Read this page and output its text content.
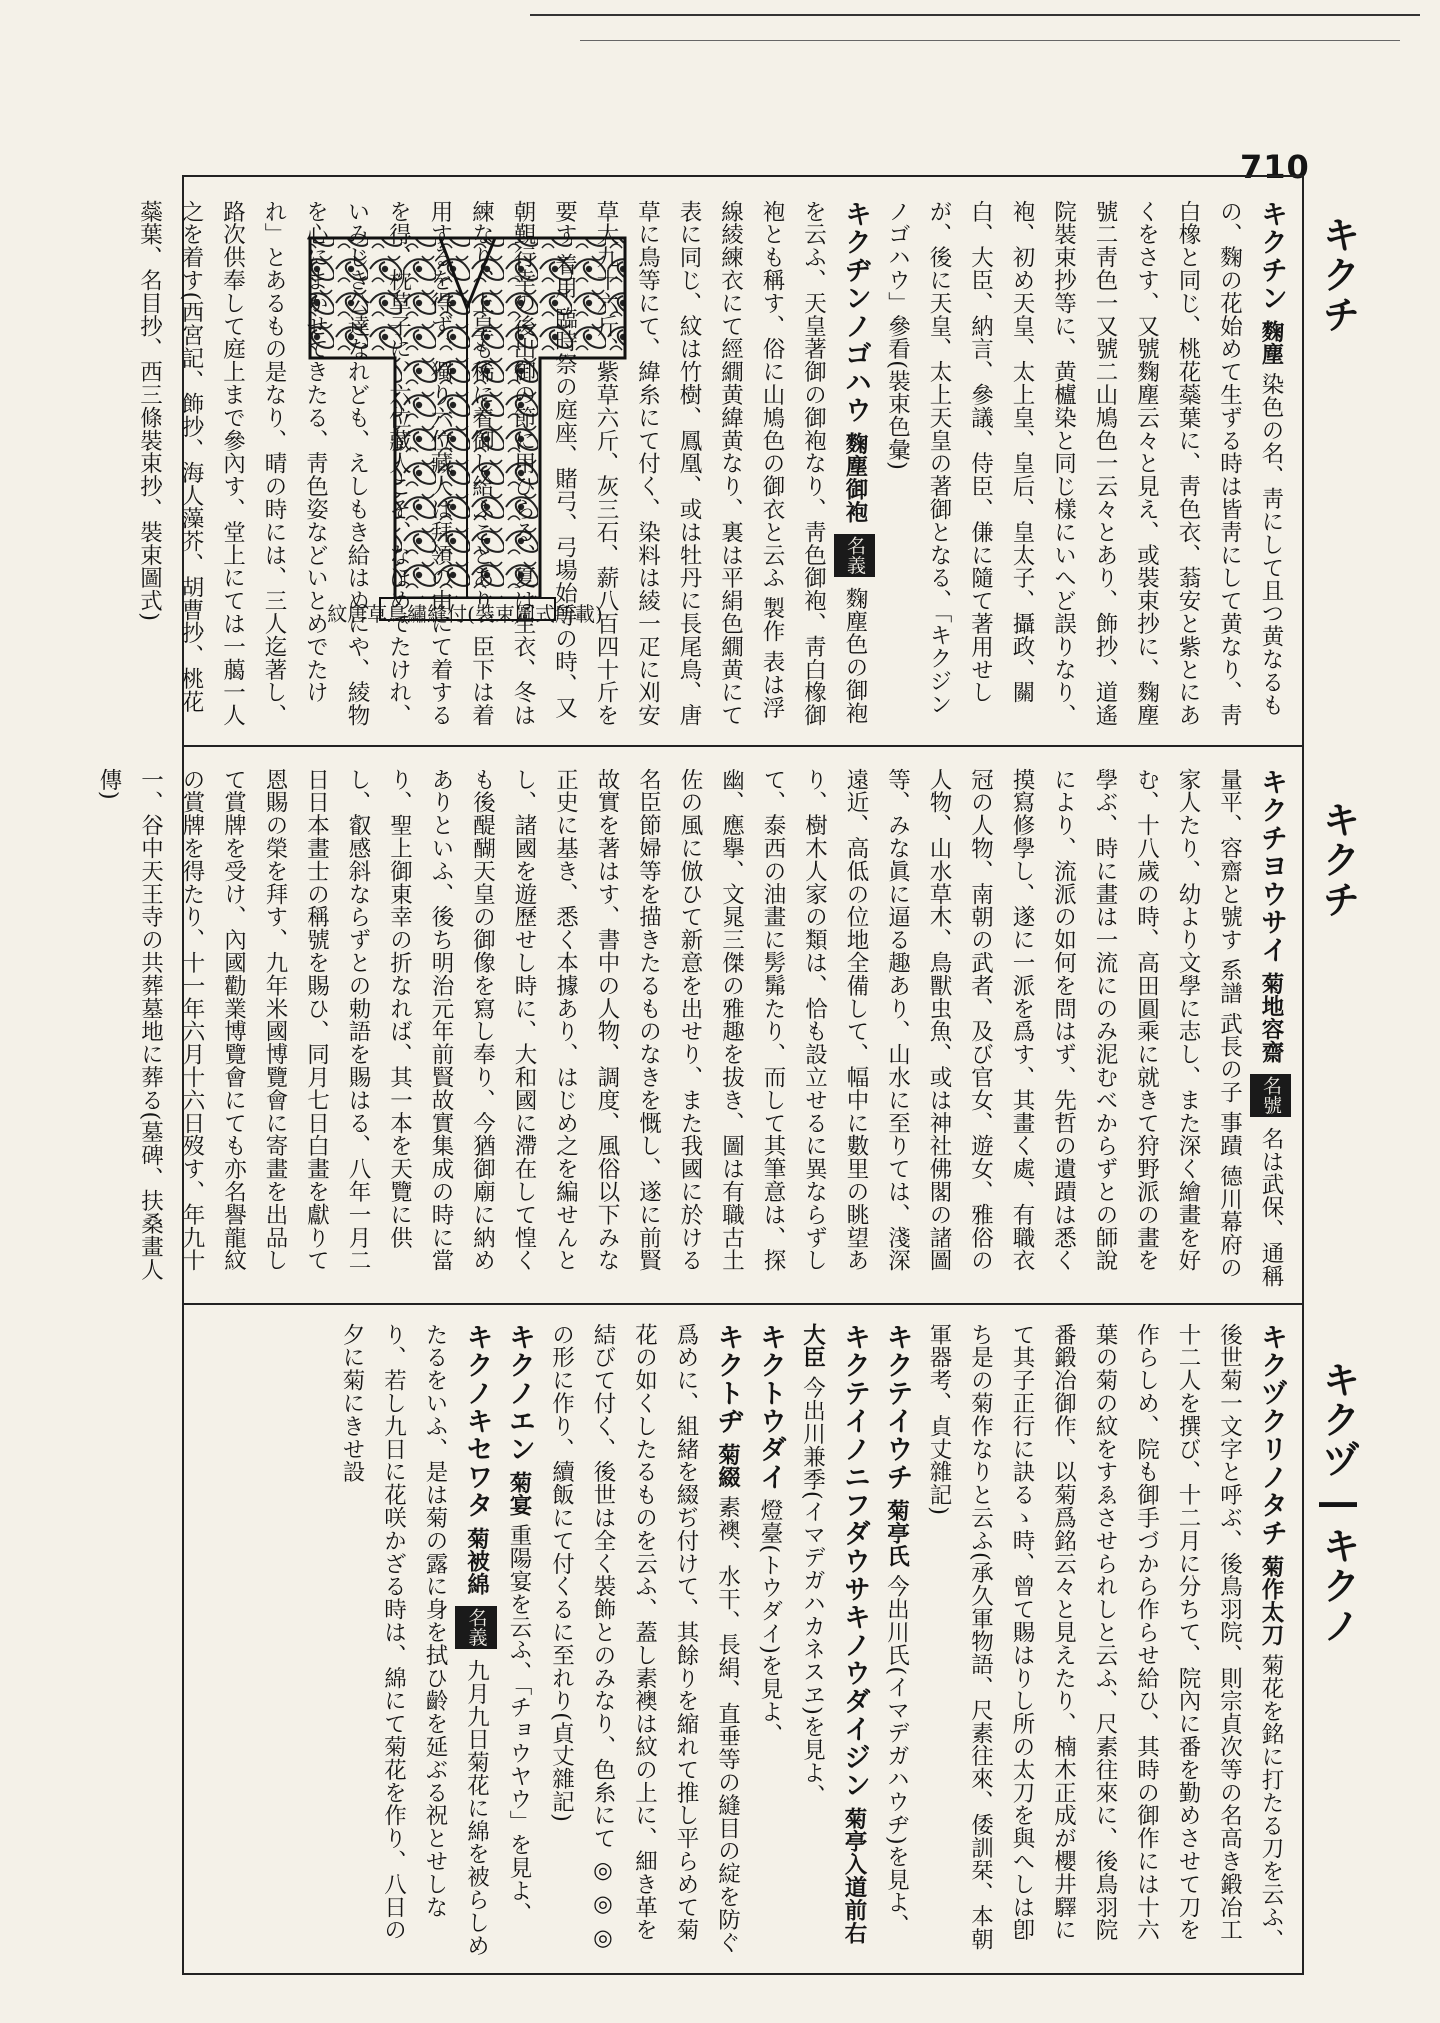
710
キクチ
キクチ
キクヅ―キクノ
紋唐草鳥繡縫付(裝束圖式所載)
キクチン 麴塵 染色の名、靑にして且つ黄なるもの、麴の花始めて生ずる時は皆靑にして黄なり、靑白橡と同じ、桃花蘂葉に、靑色衣、蓊安と紫とにあくをさす、又號麴塵云々と見え、或裝束抄に、麴塵號二靑色一又號二山鳩色一云々とあり、飾抄、道遙院裝束抄等に、黄櫨染と同じ樣にいへど誤りなり、袍、初め天皇、太上皇、皇后、皇太子、攝政、關白、大臣、納言、參議、侍臣、傔に隨て著用せしが、後に天皇、太上天皇の著御となる、「キクジンノゴハウ」參看(裝束色彙)
キクヂンノゴハウ 麴塵御袍 名義 麴塵色の御袍を云ふ、天皇著御の御袍なり、靑色御袍、靑白橡御袍とも稱す、俗に山鳩色の御衣と云ふ 製作 表は浮線綾練衣にて經繝黄緯黄なり、裏は平絹色繝黄にて表に同じ、紋は竹樹、鳳凰、或は牡丹に長尾鳥、唐草に鳥等にて、緯糸にて付く、染料は綾一疋に刈安草大九十六斤、紫草六斤、灰三石、薪八百四十斤を要す 着用 臨時祭の庭座、賭弓、弓場始等の時、又朝覲行幸の後出御の節に用ひらる、夏は生衣、冬は練なり、上皇も稀に着御し給ふことあり、臣下は着用するを得ず、獨り六位藏人は拜領の由にて着するを得、枕草子に、六位藏人こそ、なほめでたけれ、いみじき公達なれども、えしもき給はぬにや、綾物を心にまかせてきたる、靑色姿などいとめでたけれ」とあるもの是なり、晴の時には、三人迄著し、路次供奉して庭上まで參內す、堂上にては一﨟一人之を着す(西宮記、飾抄、海人藻芥、胡曹抄、桃花蘂葉、名目抄、西三條裝束抄、裝束圖式)
キクチヨウサイ 菊地容齋 名號 名は武保、通稱量平、容齋と號す 系譜 武長の子 事蹟 德川幕府の家人たり、幼より文學に志し、また深く繪畫を好む、十八歲の時、高田圓乘に就きて狩野派の畫を學ぶ、時に畫は一流にのみ泥むべからずとの師說により、流派の如何を問はず、先哲の遺蹟は悉く摸寫修學し、遂に一派を爲す、其畫く處、有職衣冠の人物、南朝の武者、及び官女、遊女、雅俗の人物、山水草木、鳥獸虫魚、或は神社佛閣の諸圖等、みな眞に逼る趣あり、山水に至りては、淺深遠近、高低の位地全備して、幅中に數里の眺望あり、樹木人家の類は、恰も設立せるに異ならずして、泰西の油畫に髣髴たり、而して其筆意は、探幽、應擧、文晁三傑の雅趣を拔き、圖は有職古土佐の風に倣ひて新意を出せり、また我國に於ける名臣節婦等を描きたるものなきを慨し、遂に前賢故實を著はす、書中の人物、調度、風俗以下みな正史に基き、悉く本據あり、はじめ之を編せんとし、諸國を遊歷せし時に、大和國に滯在して惶くも後醍醐天皇の御像を寫し奉り、今猶御廟に納めありといふ、後ち明治元年前賢故實集成の時に當り、聖上御東幸の折なれば、其一本を天覽に供し、叡感斜ならずとの勅語を賜はる、八年一月二日日本畫士の稱號を賜ひ、同月七日白畫を獻りて恩賜の榮を拜す、九年米國博覽會に寄畫を出品して賞牌を受け、內國勸業博覽會にても亦名譽龍紋の賞牌を得たり、十一年六月十六日歿す、年九十一、谷中天王寺の共葬墓地に葬る(墓碑、扶桑畫人傳)
キクヅクリノタチ 菊作太刀 菊花を銘に打たる刀を云ふ、後世菊一文字と呼ぶ、後鳥羽院、則宗貞次等の名高き鍛冶工十二人を撰び、十二月に分ちて、院內に番を勤めさせて刀を作らしめ、院も御手づから作らせ給ひ、其時の御作には十六葉の菊の紋をすゑさせられしと云ふ、尺素往來に、後鳥羽院番鍛冶御作、以菊爲銘云々と見えたり、楠木正成が櫻井驛にて其子正行に訣るゝ時、曾て賜はりし所の太刀を與へしは卽ち是の菊作なりと云ふ(承久軍物語、尺素往來、倭訓栞、本朝軍器考、貞丈雜記)
キクテイウチ 菊亭氏 今出川氏(イマデガハウヂ)を見よ、
キクテイノニフダウサキノウダイジン 菊亭入道前右大臣 今出川兼季(イマデガハカネスヱ)を見よ、
キクトウダイ 燈臺(トウダイ)を見よ、
キクトヂ 菊綴 素襖、水干、長絹、直垂等の縫目の綻を防ぐ爲めに、組緒を綴ぢ付けて、其餘りを縮れて推し平らめて菊花の如くしたるものを云ふ、蓋し素襖は紋の上に、細き革を結びて付く、後世は全く裝飾とのみなり、色糸にて ◎ ◎ ◎ の形に作り、續飯にて付くるに至れり(貞丈雜記)
キクノエン 菊宴 重陽宴を云ふ、「チョウヤウ」を見よ、
キクノキセワタ 菊被綿 名義 九月九日菊花に綿を被らしめたるをいふ、是は菊の露に身を拭ひ齡を延ぶる祝とせしなり、若し九日に花咲かざる時は、綿にて菊花を作り、八日の夕に菊にきせ設
